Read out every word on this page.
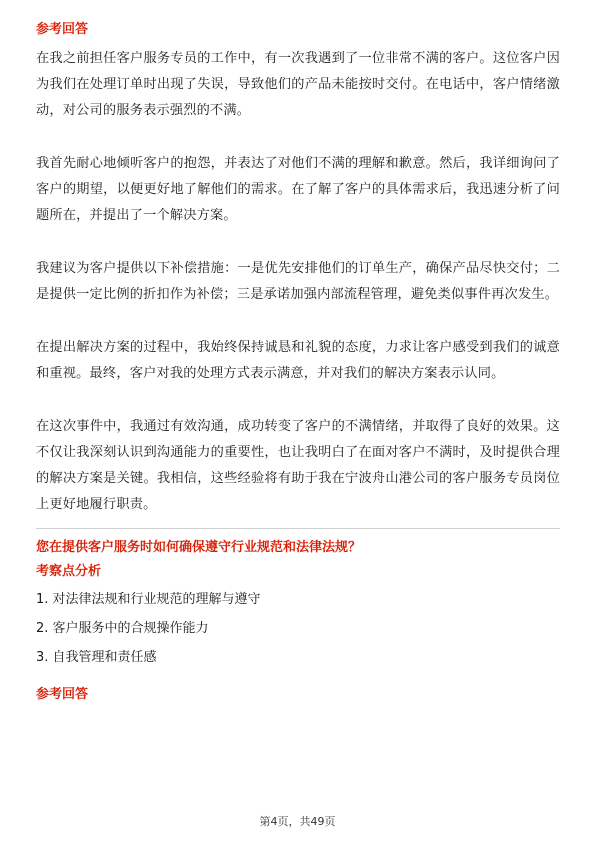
参考回答

在我之前担任客户服务专员的工作中，有一次我遇到了一位非常不满的客户。这位客户因为我们在处理订单时出现了失误，导致他们的产品未能按时交付。在电话中，客户情绪激动，对公司的服务表示强烈的不满。

我首先耐心地倾听客户的抱怨，并表达了对他们不满的理解和歉意。然后，我详细询问了客户的期望，以便更好地了解他们的需求。在了解了客户的具体需求后，我迅速分析了问题所在，并提出了一个解决方案。

我建议为客户提供以下补偿措施：一是优先安排他们的订单生产，确保产品尽快交付；二是提供一定比例的折扣作为补偿；三是承诺加强内部流程管理，避免类似事件再次发生。

在提出解决方案的过程中，我始终保持诚恳和礼貌的态度，力求让客户感受到我们的诚意和重视。最终，客户对我的处理方式表示满意，并对我们的解决方案表示认同。

在这次事件中，我通过有效沟通，成功转变了客户的不满情绪，并取得了良好的效果。这不仅让我深刻认识到沟通能力的重要性，也让我明白了在面对客户不满时，及时提供合理的解决方案是关键。我相信，这些经验将有助于我在宁波舟山港公司的客户服务专员岗位上更好地履行职责。

您在提供客户服务时如何确保遵守行业规范和法律法规？
考察点分析
1. 对法律法规和行业规范的理解与遵守
2. 客户服务中的合规操作能力
3. 自我管理和责任感
参考回答
第4页，共49页
